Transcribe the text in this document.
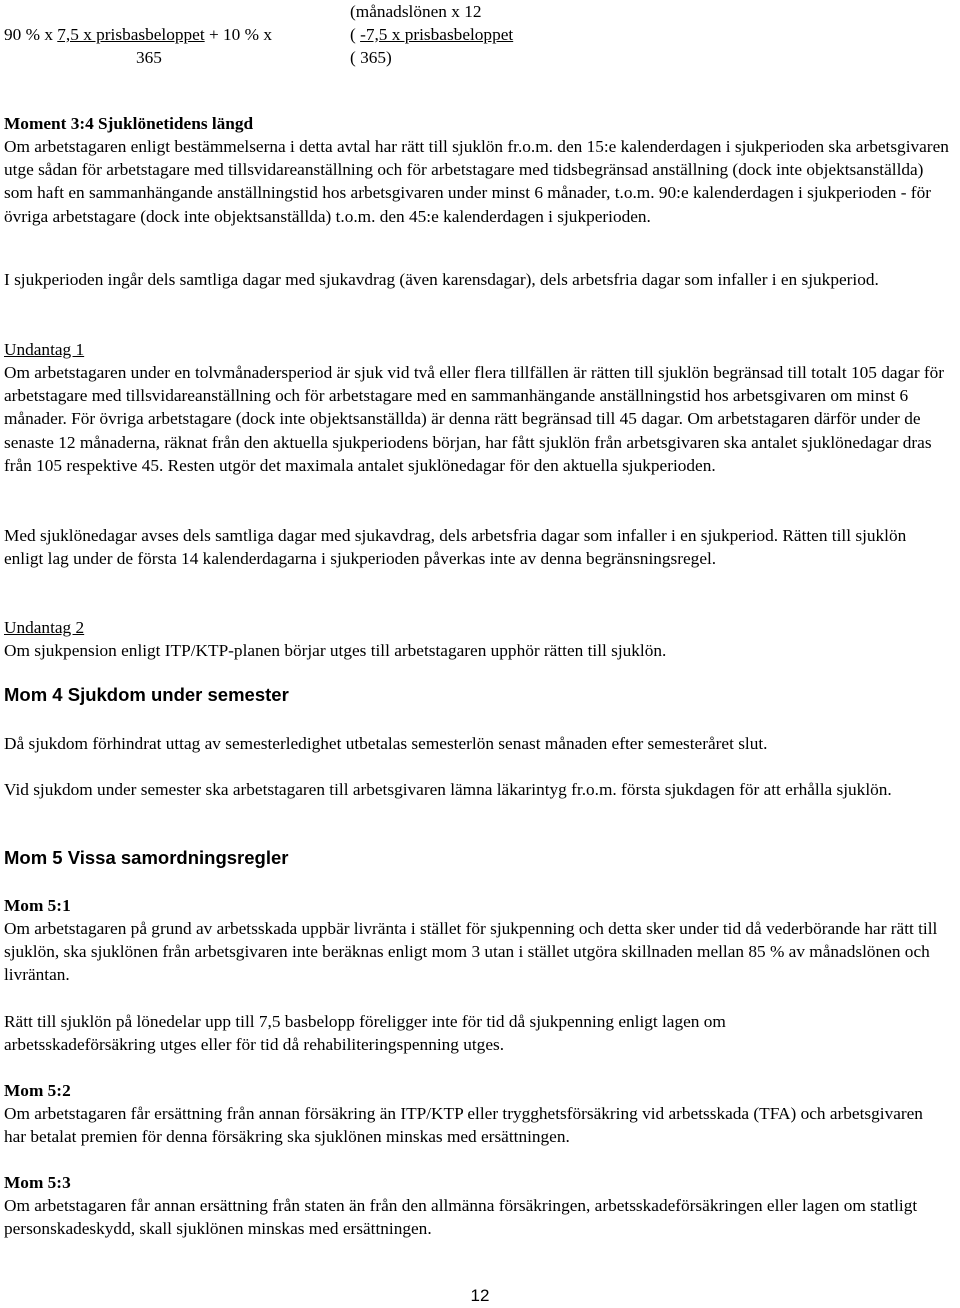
90 % x 7,5 x prisbasbeloppet + 10 % x
365
(månadslönen x 12
( -7,5 x prisbasbeloppet
( 365)
Moment 3:4 Sjuklönetidens längd

Om arbetstagaren enligt bestämmelserna i detta avtal har rätt till sjuklön fr.o.m. den 15:e kalenderdagen i sjukperioden ska arbetsgivaren utge sådan för arbetstagare med tillsvidareanställning och för arbetstagare med tidsbegränsad anställning (dock inte objektsanställda) som haft en sammanhängande anställningstid hos arbetsgivaren under minst 6 månader, t.o.m. 90:e kalenderdagen i sjukperioden - för övriga arbetstagare (dock inte objektsanställda) t.o.m. den 45:e kalenderdagen i sjukperioden.

I sjukperioden ingår dels samtliga dagar med sjukavdrag (även karensdagar), dels arbetsfria dagar som infaller i en sjukperiod.

Undantag 1

Om arbetstagaren under en tolvmånadersperiod är sjuk vid två eller flera tillfällen är rätten till sjuklön begränsad till totalt 105 dagar för arbetstagare med tillsvidareanställning och för arbetstagare med en sammanhängande anställningstid hos arbetsgivaren om minst 6 månader. För övriga arbetstagare (dock inte objektsanställda) är denna rätt begränsad till 45 dagar. Om arbetstagaren därför under de senaste 12 månaderna, räknat från den aktuella sjukperiodens början, har fått sjuklön från arbetsgivaren ska antalet sjuklönedagar dras från 105 respektive 45. Resten utgör det maximala antalet sjuklönedagar för den aktuella sjukperioden.

Med sjuklönedagar avses dels samtliga dagar med sjukavdrag, dels arbetsfria dagar som infaller i en sjukperiod. Rätten till sjuklön enligt lag under de första 14 kalenderdagarna i sjukperioden påverkas inte av denna begränsningsregel.

Undantag 2

Om sjukpension enligt ITP/KTP-planen börjar utges till arbetstagaren upphör rätten till sjuklön.

Mom 4 Sjukdom under semester

Då sjukdom förhindrat uttag av semesterledighet utbetalas semesterlön senast månaden efter semesteråret slut.

Vid sjukdom under semester ska arbetstagaren till arbetsgivaren lämna läkarintyg fr.o.m. första sjukdagen för att erhålla sjuklön.

Mom 5 Vissa samordningsregler
Mom 5:1

Om arbetstagaren på grund av arbetsskada uppbär livränta i stället för sjukpenning och detta sker under tid då vederbörande har rätt till sjuklön, ska sjuklönen från arbetsgivaren inte beräknas enligt mom 3 utan i stället utgöra skillnaden mellan 85 % av månadslönen och livräntan.

Rätt till sjuklön på lönedelar upp till 7,5 basbelopp föreligger inte för tid då sjukpenning enligt lagen om arbetsskadeförsäkring utges eller för tid då rehabiliteringspenning utges.

Mom 5:2

Om arbetstagaren får ersättning från annan försäkring än ITP/KTP eller trygghetsförsäkring vid arbetsskada (TFA) och arbetsgivaren har betalat premien för denna försäkring ska sjuklönen minskas med ersättningen.

Mom 5:3

Om arbetstagaren får annan ersättning från staten än från den allmänna försäkringen, arbetsskadeförsäkringen eller lagen om statligt personskadeskydd, skall sjuklönen minskas med ersättningen.

12
